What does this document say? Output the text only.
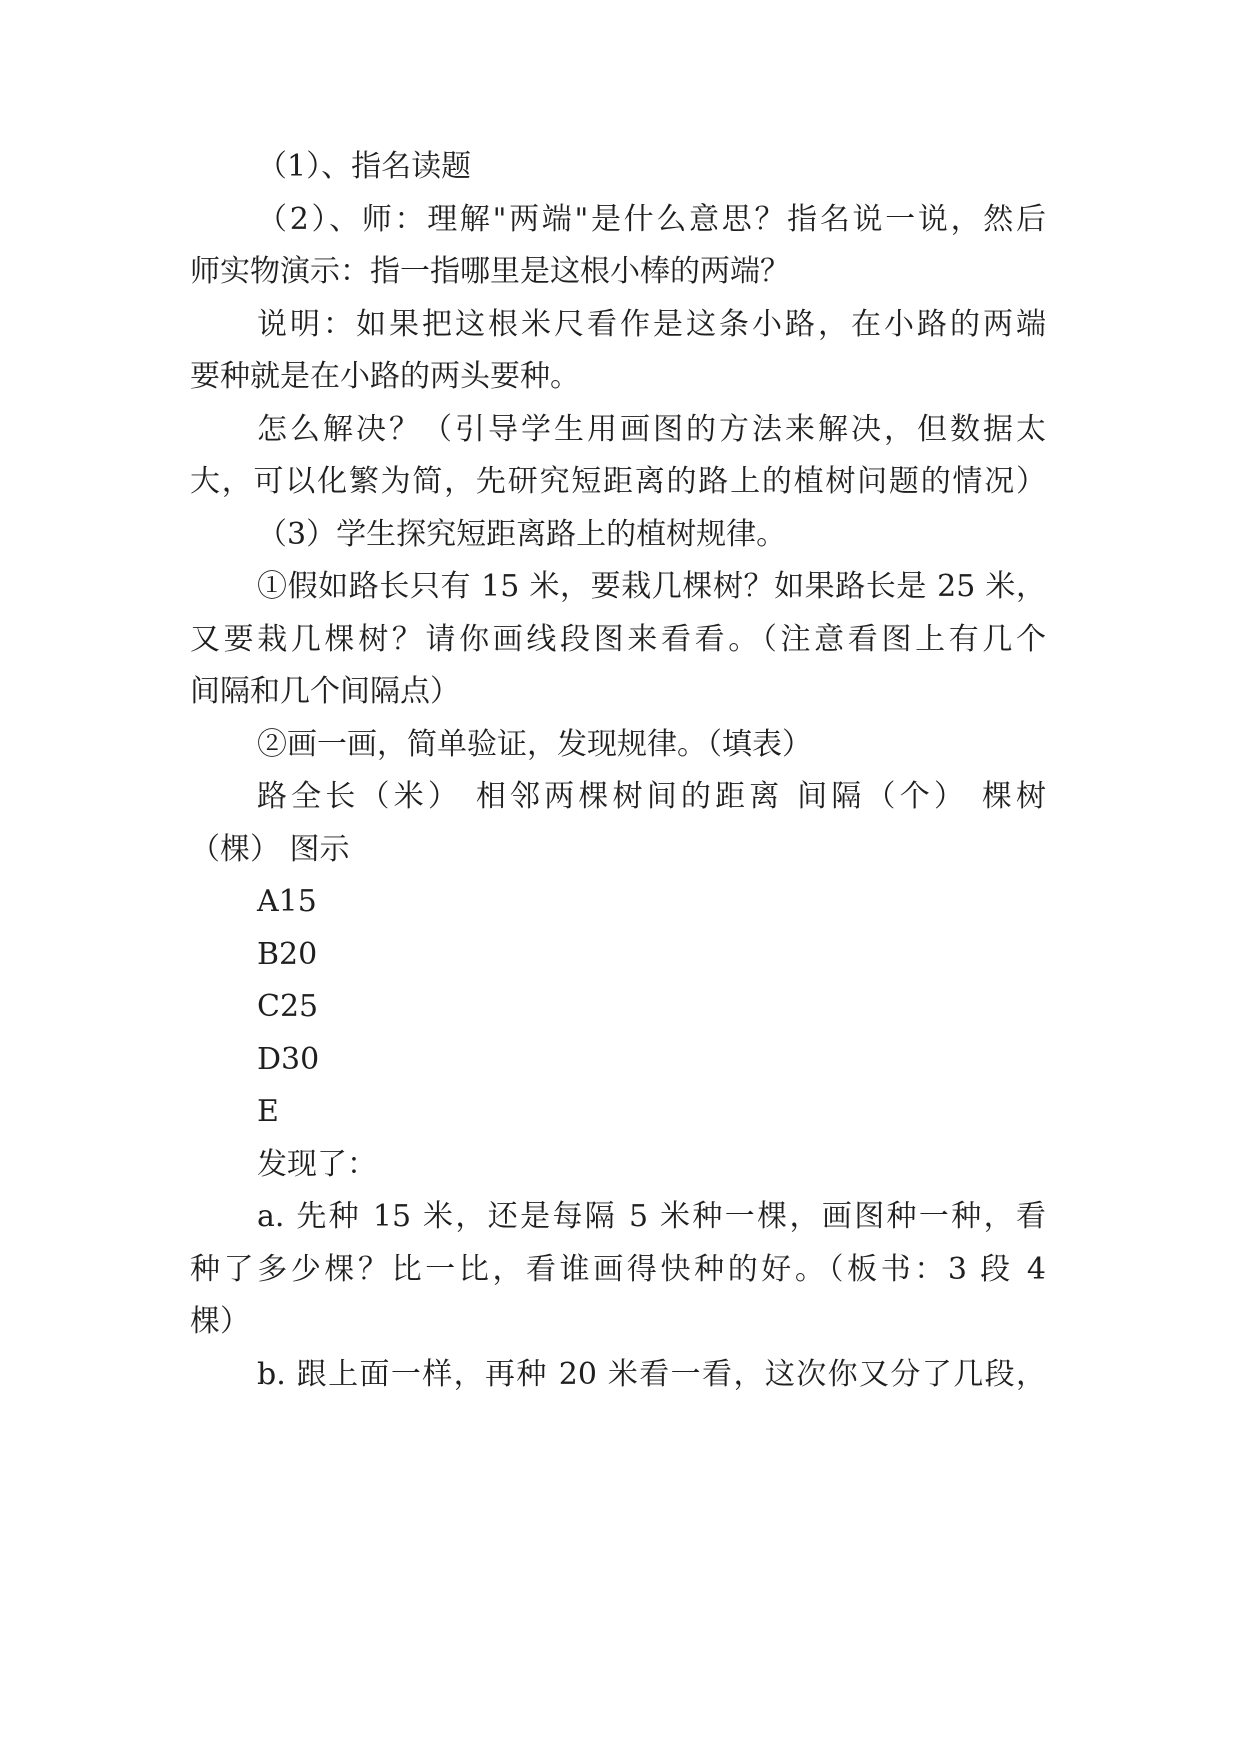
（1）、指名读题
（2）、师：理解"两端"是什么意思？指名说一说，然后
师实物演示：指一指哪里是这根小棒的两端？
说明：如果把这根米尺看作是这条小路，在小路的两端
要种就是在小路的两头要种。
怎么解决？（引导学生用画图的方法来解决，但数据太
大，可以化繁为简，先研究短距离的路上的植树问题的情况）
（3）学生探究短距离路上的植树规律。
①假如路长只有 15 米，要栽几棵树？如果路长是 25 米，
又要栽几棵树？请你画线段图来看看。（注意看图上有几个
间隔和几个间隔点）
②画一画，简单验证，发现规律。（填表）
路全长（米） 相邻两棵树间的距离 间隔（个） 棵树
（棵） 图示
A15
B20
C25
D30
E
发现了：
a. 先种 15 米，还是每隔 5 米种一棵，画图种一种，看
种了多少棵？比一比，看谁画得快种的好。（板书：3 段 4
棵）
b. 跟上面一样，再种 20 米看一看，这次你又分了几段，
